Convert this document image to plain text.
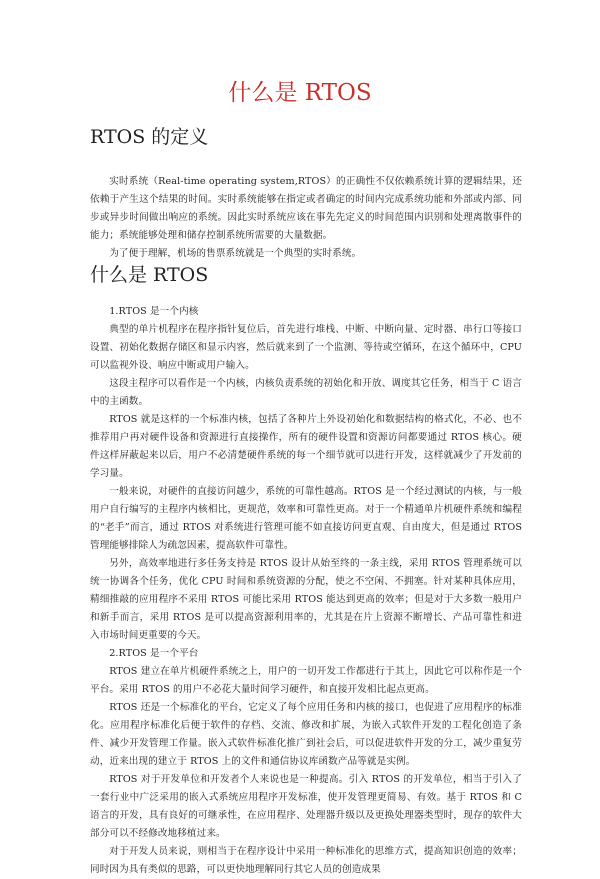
什么是 RTOS
RTOS 的定义

实时系统（Real-time operating system,RTOS）的正确性不仅依赖系统计算的逻辑结果，还依赖于产生这个结果的时间。实时系统能够在指定或者确定的时间内完成系统功能和外部或内部、同步或异步时间做出响应的系统。因此实时系统应该在事先先定义的时间范围内识别和处理离散事件的能力；系统能够处理和储存控制系统所需要的大量数据。

为了便于理解，机场的售票系统就是一个典型的实时系统。

什么是 RTOS

1.RTOS 是一个内核

典型的单片机程序在程序指针复位后，首先进行堆栈、中断、中断向量、定时器、串行口等接口设置、初始化数据存储区和显示内容，然后就来到了一个监测、等待或空循环，在这个循环中，CPU 可以监视外设、响应中断或用户输入。

这段主程序可以看作是一个内核，内核负责系统的初始化和开放、调度其它任务，相当于 C 语言中的主函数。

RTOS 就是这样的一个标准内核，包括了各种片上外设初始化和数据结构的格式化，不必、也不推荐用户再对硬件设备和资源进行直接操作，所有的硬件设置和资源访问都要通过 RTOS 核心。硬件这样屏蔽起来以后，用户不必清楚硬件系统的每一个细节就可以进行开发，这样就减少了开发前的学习量。

一般来说，对硬件的直接访问越少，系统的可靠性越高。RTOS 是一个经过测试的内核，与一般用户自行编写的主程序内核相比，更规范，效率和可靠性更高。对于一个精通单片机硬件系统和编程的“老手”而言，通过 RTOS 对系统进行管理可能不如直接访问更直观、自由度大，但是通过 RTOS 管理能够排除人为疏忽因素，提高软件可靠性。

另外，高效率地进行多任务支持是 RTOS 设计从始至终的一条主线，采用 RTOS 管理系统可以统一协调各个任务，优化 CPU 时间和系统资源的分配，使之不空闲、不拥塞。针对某种具体应用，精细推敲的应用程序不采用 RTOS 可能比采用 RTOS 能达到更高的效率；但是对于大多数一般用户和新手而言，采用 RTOS 是可以提高资源利用率的，尤其是在片上资源不断增长、产品可靠性和进入市场时间更重要的今天。

2.RTOS 是一个平台

RTOS 建立在单片机硬件系统之上，用户的一切开发工作都进行于其上，因此它可以称作是一个平台。采用 RTOS 的用户不必花大量时间学习硬件，和直接开发相比起点更高。

RTOS 还是一个标准化的平台，它定义了每个应用任务和内核的接口，也促进了应用程序的标准化。应用程序标准化后便于软件的存档、交流、修改和扩展，为嵌入式软件开发的工程化创造了条件、减少开发管理工作量。嵌入式软件标准化推广到社会后，可以促进软件开发的分工，减少重复劳动，近来出现的建立于 RTOS 上的文件和通信协议库函数产品等就是实例。

RTOS 对于开发单位和开发者个人来说也是一种提高。引入 RTOS 的开发单位，相当于引入了一套行业中广泛采用的嵌入式系统应用程序开发标准，使开发管理更简易、有效。基于 RTOS 和 C 语言的开发，具有良好的可继承性，在应用程序、处理器升级以及更换处理器类型时，现存的软件大部分可以不经修改地移植过来。

对于开发人员来说，则相当于在程序设计中采用一种标准化的思维方式，提高知识创造的效率；同时因为具有类似的思路，可以更快地理解同行其它人员的创造成果
